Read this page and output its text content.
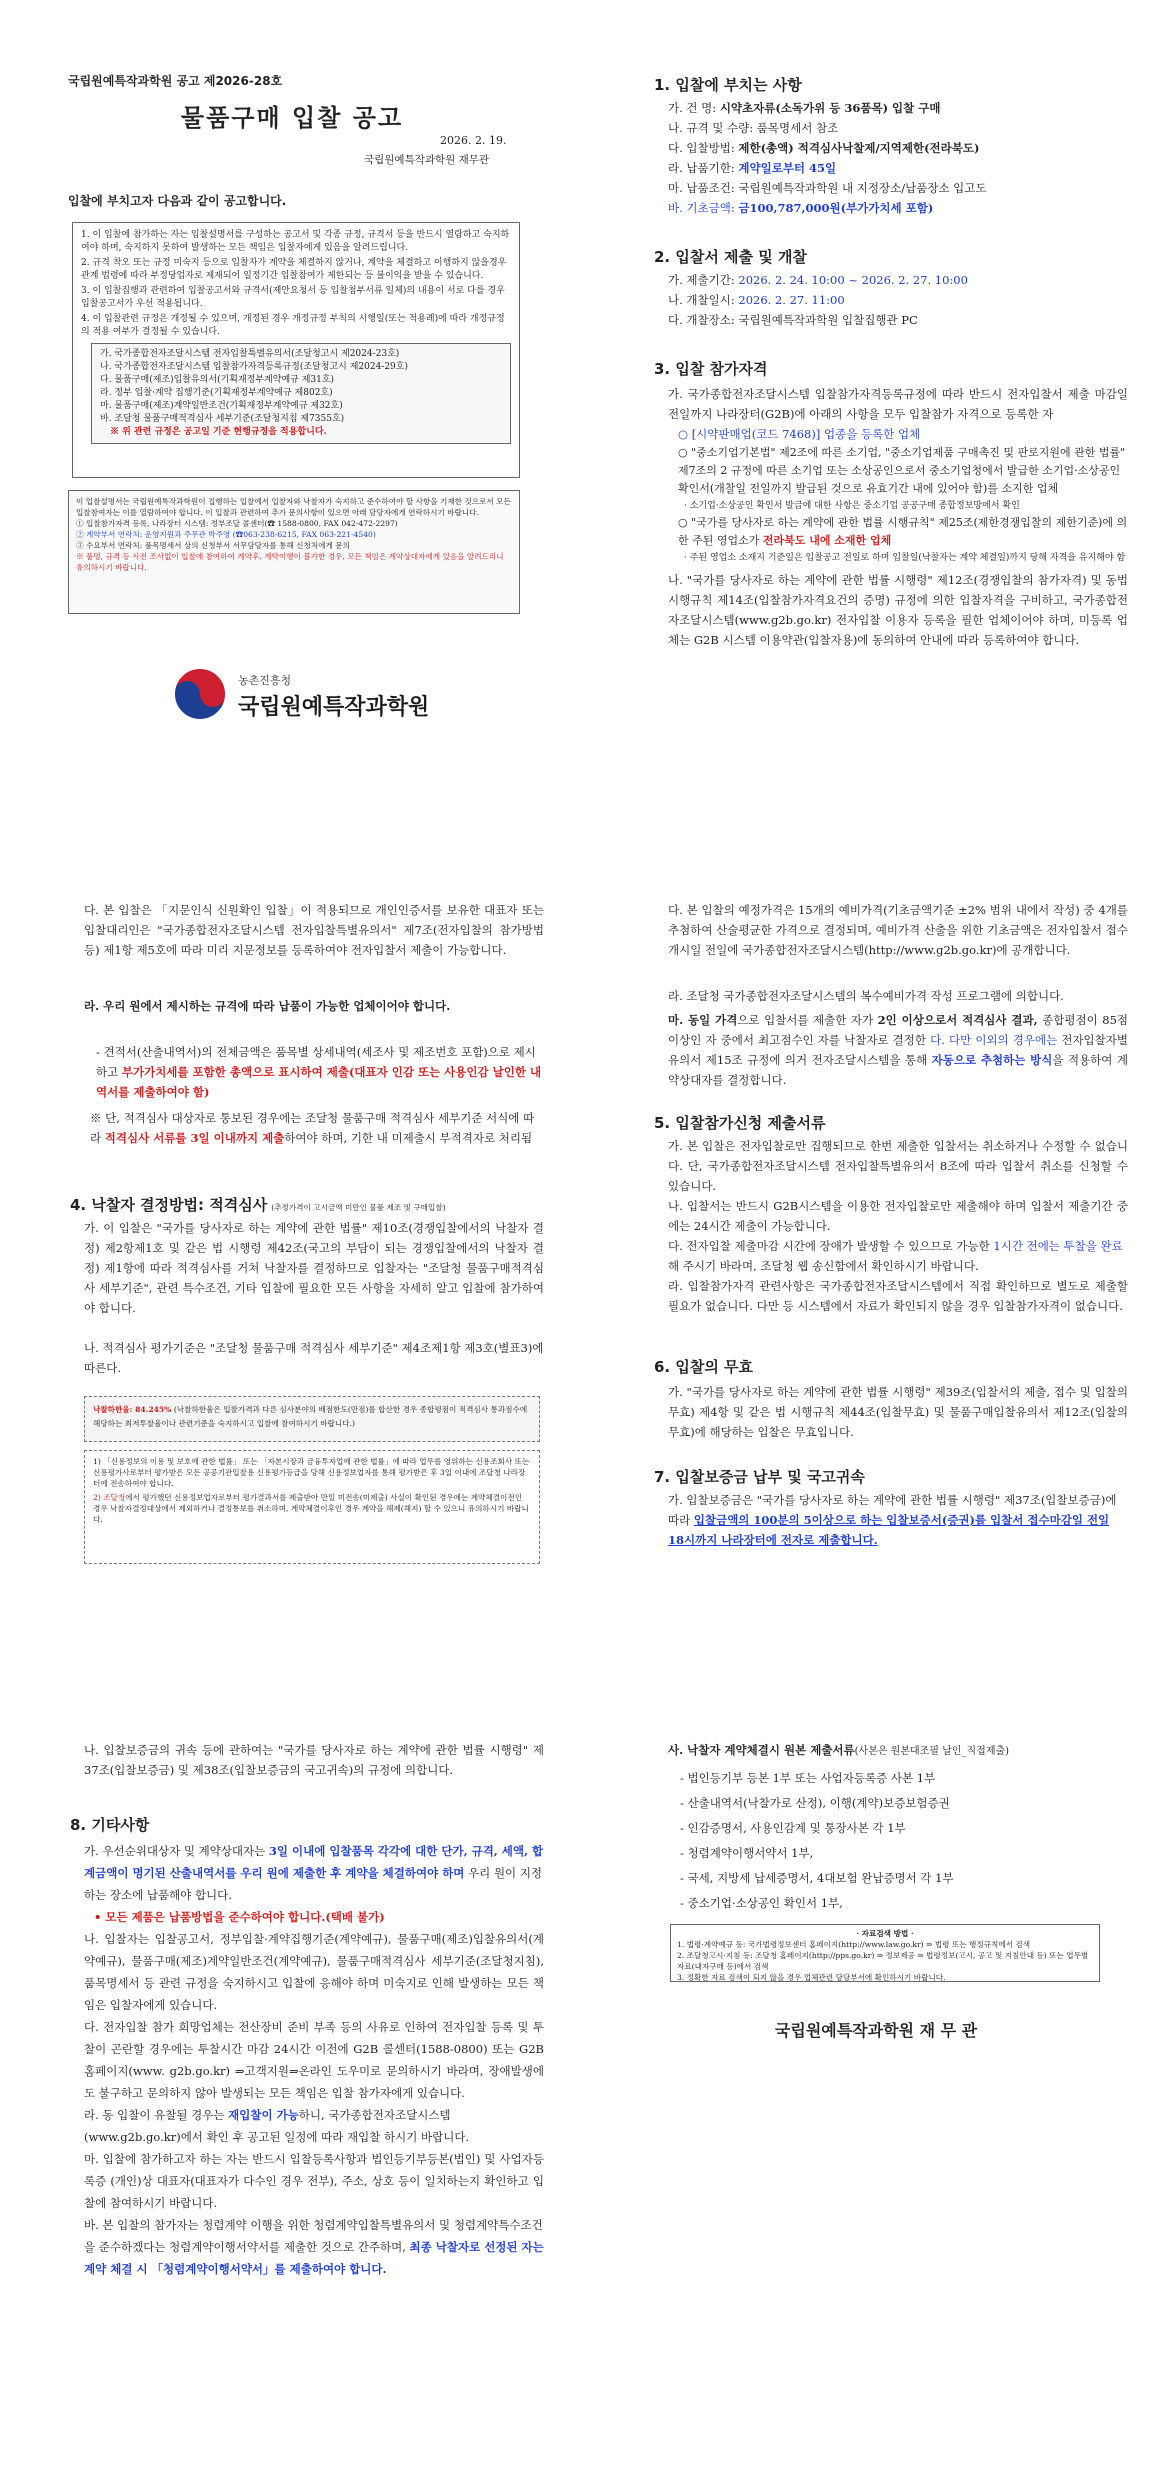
국립원예특작과학원 공고 제2026-28호
물품구매 입찰 공고
2026. 2. 19.
국립원예특작과학원 재무관
입찰에 부치고자 다음과 같이 공고합니다.
1. 이 입찰에 참가하는 자는 입찰설명서를 구성하는 공고서 및 각종 규정, 규격서 등을 반드시 열람하고 숙지하여야 하며, 숙지하지 못하여 발생하는 모든 책임은 입찰자에게 있음을 알려드립니다.
2. 규격 착오 또는 규정 미숙지 등으로 입찰자가 계약을 체결하지 않거나, 계약을 체결하고 이행하지 않을경우 관계 법령에 따라 부정당업자로 제재되어 일정기간 입찰참여가 제한되는 등 불이익을 받을 수 있습니다.
3. 이 입찰집행과 관련하여 입찰공고서와 규격서(제안요청서 등 입찰첨부서류 일체)의 내용이 서로 다를 경우 입찰공고서가 우선 적용됩니다.
4. 이 입찰관련 규정은 개정될 수 있으며, 개정된 경우 개정규정 부칙의 시행일(또는 적용례)에 따라 개정규정의 적용 여부가 결정될 수 있습니다.
가. 국가종합전자조달시스템 전자입찰특별유의서(조달청고시 제2024-23호)
나. 국가종합전자조달시스템 입찰참가자격등록규정(조달청고시 제2024-29호)
다. 물품구매(제조)입찰유의서(기획재정부계약예규 제31호)
라. 정부 입찰·계약 집행기준(기획재정부계약예규 제802호)
마. 물품구매(제조)계약일반조건(기획재정부계약예규 제32호)
바. 조달청 물품구매적격심사 세부기준(조달청지침 제7355호)
※ 위 관련 규정은 공고일 기준 현행규정을 적용합니다.
이 입찰설명서는 국립원예특작과학원이 집행하는 입찰에서 입찰자와 낙찰자가 숙지하고 준수하여야 할 사항을 기재한 것으로서 모든 입찰참여자는 이를 열람하여야 합니다. 이 입찰과 관련하여 추가 문의사항이 있으면 아래 담당자에게 연락하시기 바랍니다.
① 입찰참가자격 등록, 나라장터 시스템: 정부조달 콜센터(☎ 1588-0800, FAX 042-472-2297)
② 계약부서 연락처: 운영지원과 주무관 박주영 (☎063-238-6215, FAX 063-221-4540)
③ 수요부서 연락처: 품목명세서 상의 신청부서 서무담당자를 통해 신청처에게 문의
※ 품명, 규격 등 사전 조사없이 입찰에 참여하여 계약후, 계약이행이 불가한 경우, 모든 책임은 계약상대자에게 있음을 알려드리니 유의하시기 바랍니다.
농촌진흥청
국립원예특작과학원
1. 입찰에 부치는 사항
가. 건 명: 시약초자류(소독가위 등 36품목) 입찰 구매
나. 규격 및 수량: 품목명세서 참조
다. 입찰방법: 제한(총액) 적격심사낙찰제/지역제한(전라북도)
라. 납품기한: 계약일로부터 45일
마. 납품조건: 국립원예특작과학원 내 지정장소/납품장소 입고도
바. 기초금액: 금100,787,000원(부가가치세 포함)
2. 입찰서 제출 및 개찰
가. 제출기간: 2026. 2. 24. 10:00 ~ 2026. 2. 27. 10:00
나. 개찰일시: 2026. 2. 27. 11:00
다. 개찰장소: 국립원예특작과학원 입찰집행관 PC
3. 입찰 참가자격
가. 국가종합전자조달시스템 입찰참가자격등록규정에 따라 반드시 전자입찰서 제출 마감일 전일까지 나라장터(G2B)에 아래의 사항을 모두 입찰참가 자격으로 등록한 자
○ [시약판매업(코드 7468)] 업종을 등록한 업체
○ "중소기업기본법" 제2조에 따른 소기업, "중소기업제품 구매촉진 및 판로지원에 관한 법률" 제7조의 2 규정에 따른 소기업 또는 소상공인으로서 중소기업청에서 발급한 소기업·소상공인 확인서(개찰일 전일까지 발급된 것으로 유효기간 내에 있어야 함)를 소지한 업체
· 소기업·소상공인 확인서 발급에 대한 사항은 중소기업 공공구매 종합정보망에서 확인
○ "국가를 당사자로 하는 계약에 관한 법률 시행규칙" 제25조(제한경쟁입찰의 제한기준)에 의한 주된 영업소가 전라북도 내에 소재한 업체
· 주된 영업소 소재지 기준일은 입찰공고 전일로 하며 입찰일(낙찰자는 계약 체결일)까지 당해 자격을 유지해야 함
나. "국가를 당사자로 하는 계약에 관한 법률 시행령" 제12조(경쟁입찰의 참가자격) 및 동법 시행규칙 제14조(입찰참가자격요건의 증명) 규정에 의한 입찰자격을 구비하고, 국가종합전자조달시스템(www.g2b.go.kr) 전자입찰 이용자 등록을 필한 업체이어야 하며, 미등록 업체는 G2B 시스템 이용약관(입찰자용)에 동의하여 안내에 따라 등록하여야 합니다.
다. 본 입찰은 「지문인식 신원확인 입찰」이 적용되므로 개인인증서를 보유한 대표자 또는 입찰대리인은 "국가종합전자조달시스템 전자입찰특별유의서" 제7조(전자입찰의 참가방법 등) 제1항 제5호에 따라 미리 지문정보를 등록하여야 전자입찰서 제출이 가능합니다.
라. 우리 원에서 제시하는 규격에 따라 납품이 가능한 업체이어야 합니다.
- 견적서(산출내역서)의 전체금액은 품목별 상세내역(세조사 및 제조번호 포함)으로 제시하고 부가가치세를 포함한 총액으로 표시하여 제출(대표자 인감 또는 사용인감 날인한 내역서를 제출하여야 함)
※ 단, 적격심사 대상자로 통보된 경우에는 조달청 물품구매 적격심사 세부기준 서식에 따라 적격심사 서류를 3일 이내까지 제출하여야 하며, 기한 내 미제출시 부적격자로 처리됨
4. 낙찰자 결정방법: 적격심사 (추정가격이 고시금액 미만인 물품 제조 및 구매입찰)
가. 이 입찰은 "국가를 당사자로 하는 계약에 관한 법률" 제10조(경쟁입찰에서의 낙찰자 결정) 제2항제1호 및 같은 법 시행령 제42조(국고의 부담이 되는 경쟁입찰에서의 낙찰자 결정) 제1항에 따라 적격심사를 거쳐 낙찰자를 결정하므로 입찰자는 "조달청 물품구매적격심사 세부기준", 관련 특수조건, 기타 입찰에 필요한 모든 사항을 자세히 알고 입찰에 참가하여야 합니다.
나. 적격심사 평가기준은 "조달청 물품구매 적격심사 세부기준" 제4조제1항 제3호(별표3)에 따른다.
낙찰하한율: 84.245% (낙찰하한율은 입찰가격과 다른 심사분야의 배점한도(만점)를 합산한 경우 종합평점이 적격심사 통과점수에 해당하는 최저투찰율이나 관련기준을 숙지하시고 입찰에 참여하시기 바랍니다.)
1) 「신용정보의 이용 및 보호에 관한 법률」 또는 「자본시장과 금융투자업에 관한 법률」에 따라 업무를 영위하는 신용조회사 또는 신용평가사로부터 평가받은 모든 공공기관입찰용 신용평가등급을 당해 신용정보업자를 통해 평가받은 후 3일 이내에 조달청 나라장터에 전송하여야 합니다.
2) 조달청에서 평가했던 신용정보업자로부터 평가결과서를 제출받아 만일 미전송(미제출) 사실이 확인된 경우에는 계약체결이전인 경우 낙찰자결정대상에서 제외하거나 결정통보를 취소하며, 계약체결이후인 경우 계약을 해제(해지) 할 수 있으니 유의하시기 바랍니다.
다. 본 입찰의 예정가격은 15개의 예비가격(기초금액기준 ±2% 범위 내에서 작성) 중 4개를 추첨하여 산술평균한 가격으로 결정되며, 예비가격 산출을 위한 기초금액은 전자입찰서 접수개시일 전일에 국가종합전자조달시스템(http://www.g2b.go.kr)에 공개합니다.
라. 조달청 국가종합전자조달시스템의 복수예비가격 작성 프로그램에 의합니다.
마. 동일 가격으로 입찰서를 제출한 자가 2인 이상으로서 적격심사 결과, 종합평점이 85점 이상인 자 중에서 최고점수인 자를 낙찰자로 결정한 다. 다만 이외의 경우에는 전자입찰자별유의서 제15조 규정에 의거 전자조달시스템을 통해 자동으로 추첨하는 방식을 적용하여 계약상대자를 결정합니다.
5. 입찰참가신청 제출서류
가. 본 입찰은 전자입찰로만 집행되므로 한번 제출한 입찰서는 취소하거나 수정할 수 없습니다. 단, 국가종합전자조달시스템 전자입찰특별유의서 8조에 따라 입찰서 취소를 신청할 수 있습니다.
나. 입찰서는 반드시 G2B시스템을 이용한 전자입찰로만 제출해야 하며 입찰서 제출기간 중에는 24시간 제출이 가능합니다.
다. 전자입찰 제출마감 시간에 장애가 발생할 수 있으므로 가능한 1시간 전에는 투찰을 완료해 주시기 바라며, 조달청 웹 송신함에서 확인하시기 바랍니다.
라. 입찰참가자격 관련사항은 국가종합전자조달시스템에서 직접 확인하므로 별도로 제출할 필요가 없습니다. 다만 등 시스템에서 자료가 확인되지 않을 경우 입찰참가자격이 없습니다.
6. 입찰의 무효
가. "국가를 당사자로 하는 계약에 관한 법률 시행령" 제39조(입찰서의 제출, 접수 및 입찰의 무효) 제4항 및 같은 법 시행규칙 제44조(입찰무효) 및 물품구매입찰유의서 제12조(입찰의 무효)에 해당하는 입찰은 무효입니다.
7. 입찰보증금 납부 및 국고귀속
가. 입찰보증금은 "국가를 당사자로 하는 계약에 관한 법률 시행령" 제37조(입찰보증금)에 따라 입찰금액의 100분의 5이상으로 하는 입찰보증서(증권)를 입찰서 접수마감일 전일 18시까지 나라장터에 전자로 제출합니다.
나. 입찰보증금의 귀속 등에 관하여는 "국가를 당사자로 하는 계약에 관한 법률 시행령" 제37조(입찰보증금) 및 제38조(입찰보증금의 국고귀속)의 규정에 의합니다.
8. 기타사항
가. 우선순위대상자 및 계약상대자는 3일 이내에 입찰품목 각각에 대한 단가, 규격, 세액, 합계금액이 명기된 산출내역서를 우리 원에 제출한 후 계약을 체결하여야 하며 우리 원이 지정하는 장소에 납품해야 합니다.
• 모든 제품은 납품방법을 준수하여야 합니다.(택배 불가)
나. 입찰자는 입찰공고서, 정부입찰·계약집행기준(계약예규), 물품구매(제조)입찰유의서(계약예규), 물품구매(제조)계약일반조건(계약예규), 물품구매적격심사 세부기준(조달청지침), 품목명세서 등 관련 규정을 숙지하시고 입찰에 응해야 하며 미숙지로 인해 발생하는 모든 책임은 입찰자에게 있습니다.
다. 전자입찰 참가 희망업체는 전산장비 준비 부족 등의 사유로 인하여 전자입찰 등록 및 투찰이 곤란할 경우에는 투찰시간 마감 24시간 이전에 G2B 콜센터(1588-0800) 또는 G2B홈페이지(www. g2b.go.kr) ⇒고객지원⇒온라인 도우미로 문의하시기 바라며, 장애발생에도 불구하고 문의하지 않아 발생되는 모든 책임은 입찰 참가자에게 있습니다.
라. 동 입찰이 유찰될 경우는 재입찰이 가능하니, 국가종합전자조달시스템(www.g2b.go.kr)에서 확인 후 공고된 일정에 따라 재입찰 하시기 바랍니다.
마. 입찰에 참가하고자 하는 자는 반드시 입찰등록사항과 법인등기부등본(법인) 및 사업자등록증 (개인)상 대표자(대표자가 다수인 경우 전부), 주소, 상호 등이 일치하는지 확인하고 입찰에 참여하시기 바랍니다.
바. 본 입찰의 참가자는 청렴계약 이행을 위한 청렴계약입찰특별유의서 및 청렴계약특수조건을 준수하겠다는 청렴계약이행서약서를 제출한 것으로 간주하며, 최종 낙찰자로 선정된 자는 계약 체결 시 「청렴계약이행서약서」를 제출하여야 합니다.
사. 낙찰자 계약체결시 원본 제출서류(사본은 원본대조필 날인_직접제출)
- 법인등기부 등본 1부 또는 사업자등록증 사본 1부
- 산출내역서(낙찰가로 산정), 이행(계약)보증보험증권
- 인감증명서, 사용인감계 및 통장사본 각 1부
- 청렴계약이행서약서 1부,
- 국세, 지방세 납세증명서, 4대보험 완납증명서 각 1부
- 중소기업·소상공인 확인서 1부,
· 자료검색 방법 ·
1. 법령·계약예규 등: 국가법령정보센터 홈페이지(http://www.law.go.kr) ⇒ 법령 또는 행정규칙에서 검색
2. 조달청고시·지침 등: 조달청 홈페이지(http://pps.go.kr) ⇒ 정보제공 ⇒ 법령정보(고시, 공고 및 지침안내 등) 또는 업무별 자료(내자구매 등)에서 검색
3. 정확한 자료 검색이 되지 않을 경우 업체관련 담당부서에 확인하시기 바랍니다.
국립원예특작과학원 재 무 관
